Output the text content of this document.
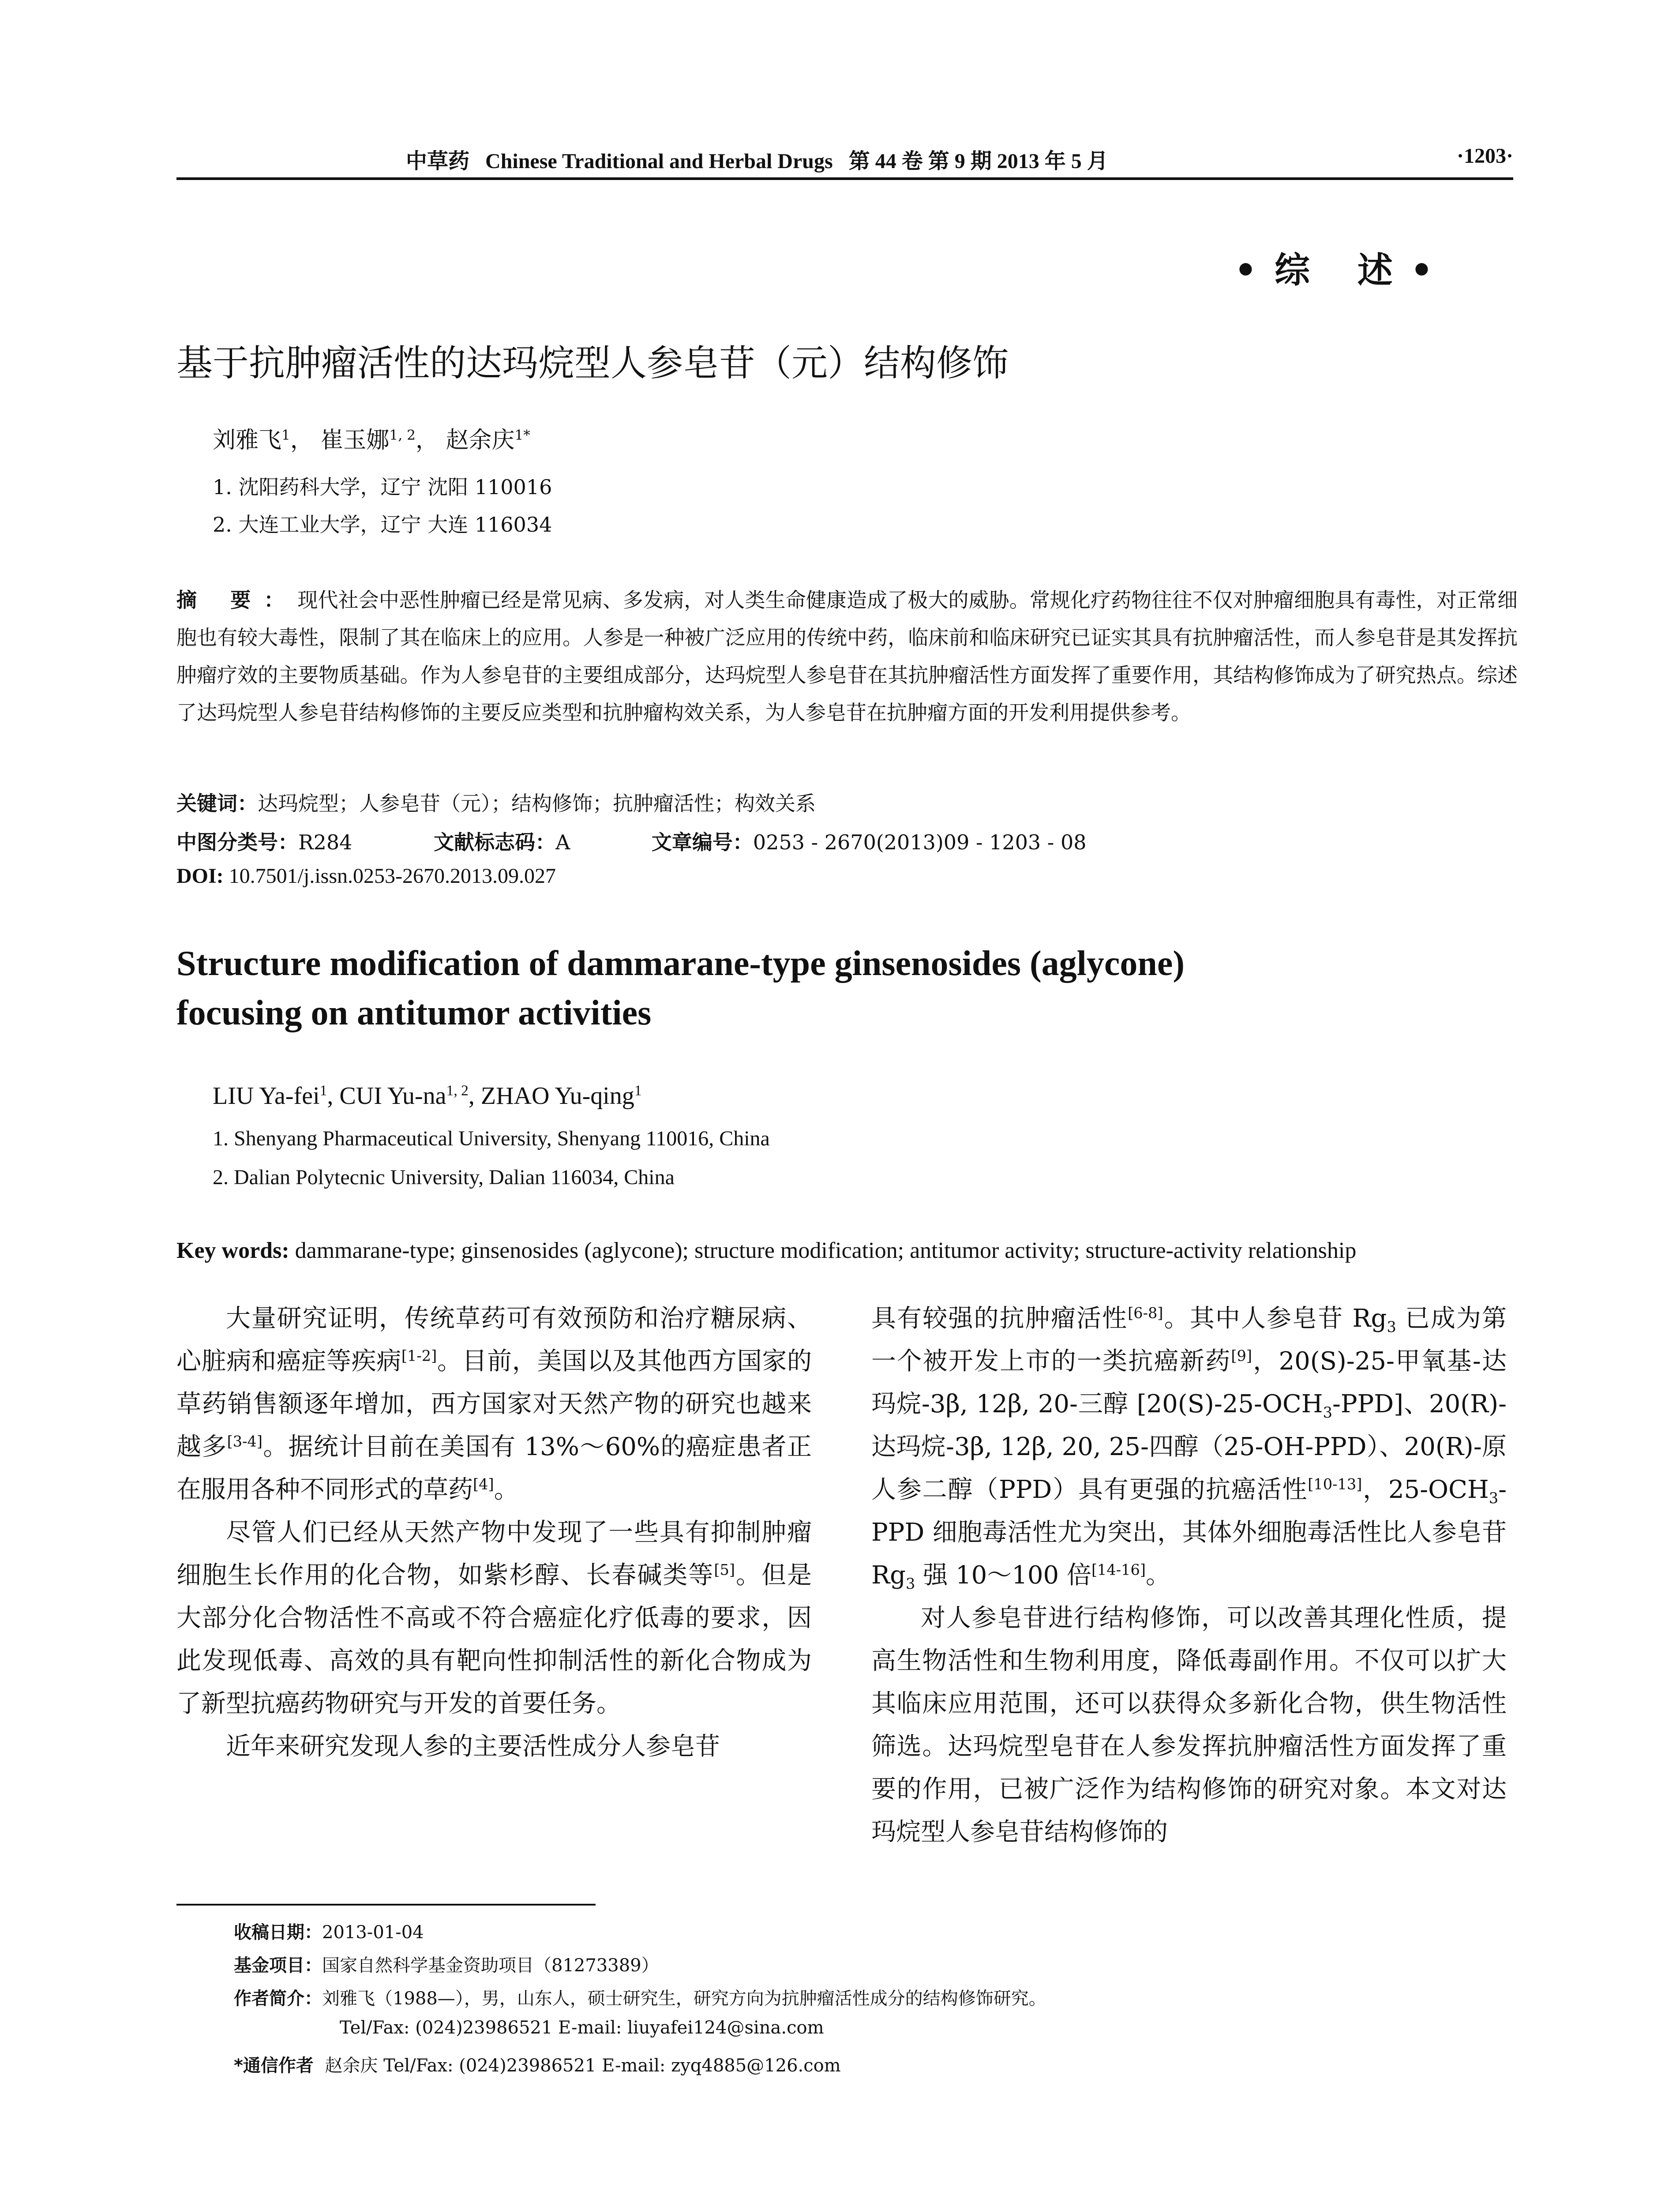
中草药 Chinese Traditional and Herbal Drugs 第 44 卷 第 9 期 2013 年 5 月	·1203·
•综 述•
基于抗肿瘤活性的达玛烷型人参皂苷（元）结构修饰
刘雅飞$^1$， 崔玉娜$^{1, 2}$， 赵余庆$^{1*}$
1. 沈阳药科大学，辽宁 沈阳 110016
2. 大连工业大学，辽宁 大连 116034
摘 要：现代社会中恶性肿瘤已经是常见病、多发病，对人类生命健康造成了极大的威胁。常规化疗药物往往不仅对肿瘤细胞具有毒性，对正常细胞也有较大毒性，限制了其在临床上的应用。人参是一种被广泛应用的传统中药，临床前和临床研究已证实其具有抗肿瘤活性，而人参皂苷是其发挥抗肿瘤疗效的主要物质基础。作为人参皂苷的主要组成部分，达玛烷型人参皂苷在其抗肿瘤活性方面发挥了重要作用，其结构修饰成为了研究热点。综述了达玛烷型人参皂苷结构修饰的主要反应类型和抗肿瘤构效关系，为人参皂苷在抗肿瘤方面的开发利用提供参考。
关键词：达玛烷型；人参皂苷（元）；结构修饰；抗肿瘤活性；构效关系
中图分类号：R284	文献标志码：A	文章编号：0253 - 2670(2013)09 - 1203 - 08
DOI: 10.7501/j.issn.0253-2670.2013.09.027
Structure modification of dammarane-type ginsenosides (aglycone)
focusing on antitumor activities
LIU Ya-fei$^1$, CUI Yu-na$^{1, 2}$, ZHAO Yu-qing$^1$
1. Shenyang Pharmaceutical University, Shenyang 110016, China
2. Dalian Polytecnic University, Dalian 116034, China
Key words: dammarane-type; ginsenosides (aglycone); structure modification; antitumor activity; structure-activity relationship

大量研究证明，传统草药可有效预防和治疗糖尿病、心脏病和癌症等疾病[1-2]。目前，美国以及其他西方国家的草药销售额逐年增加，西方国家对天然产物的研究也越来越多[3-4]。据统计目前在美国有 13%～60%的癌症患者正在服用各种不同形式的草药[4]。

尽管人们已经从天然产物中发现了一些具有抑制肿瘤细胞生长作用的化合物，如紫杉醇、长春碱类等[5]。但是大部分化合物活性不高或不符合癌症化疗低毒的要求，因此发现低毒、高效的具有靶向性抑制活性的新化合物成为了新型抗癌药物研究与开发的首要任务。

近年来研究发现人参的主要活性成分人参皂苷

具有较强的抗肿瘤活性[6-8]。其中人参皂苷 $Rg_3$ 已成为第一个被开发上市的一类抗癌新药[9]，20(S)-25-甲氧基-达玛烷-3β, 12β, 20-三醇 $[20(S)-25-OCH_3-PPD]$、20(R)-达玛烷-3β, 12β, 20, 25-四醇（25-OH-PPD）、20(R)-原人参二醇（PPD）具有更强的抗癌活性[10-13]，$25-OCH_3$-PPD 细胞毒活性尤为突出，其体外细胞毒活性比人参皂苷 $Rg_3$ 强 10～100 倍[14-16]。

对人参皂苷进行结构修饰，可以改善其理化性质，提高生物活性和生物利用度，降低毒副作用。不仅可以扩大其临床应用范围，还可以获得众多新化合物，供生物活性筛选。达玛烷型皂苷在人参发挥抗肿瘤活性方面发挥了重要的作用，已被广泛作为结构修饰的研究对象。本文对达玛烷型人参皂苷结构修饰的

收稿日期：2013-01-04
基金项目：国家自然科学基金资助项目（81273389）
作者简介：刘雅飞（1988—），男，山东人，硕士研究生，研究方向为抗肿瘤活性成分的结构修饰研究。
Tel/Fax: (024)23986521 E-mail: liuyafei124@sina.com
*通信作者 赵余庆 Tel/Fax: (024)23986521 E-mail: zyq4885@126.com
